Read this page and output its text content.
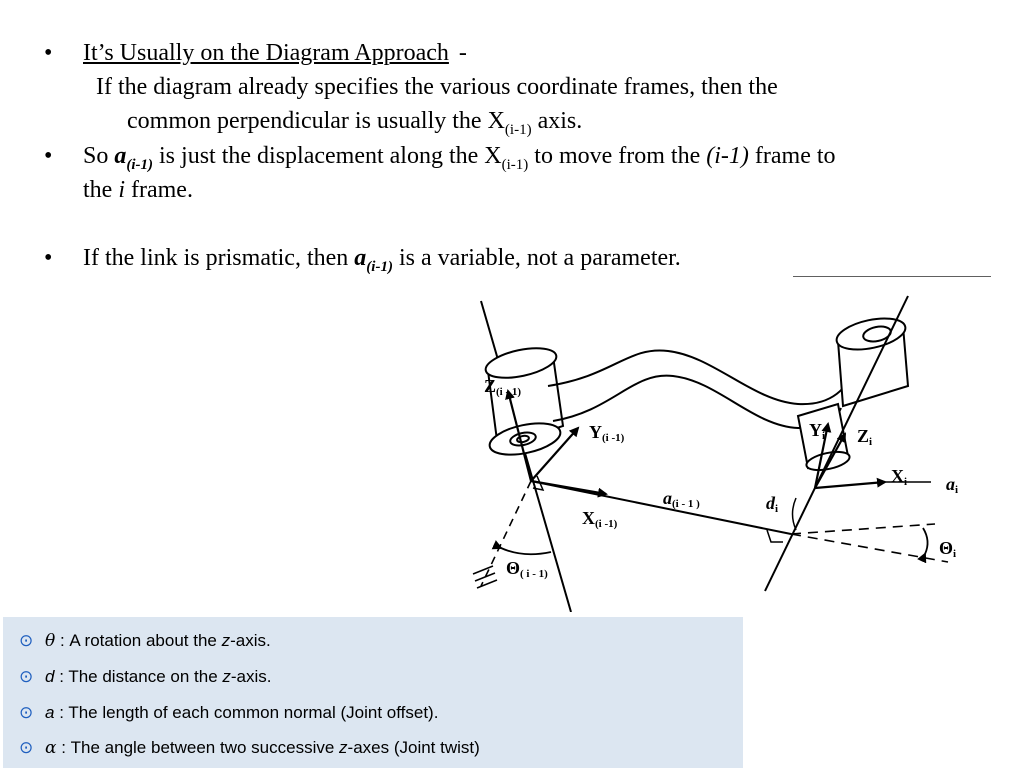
• It’s Usually on the Diagram Approach -
If the diagram already specifies the various coordinate frames, then the
common perpendicular is usually the $X_{(i-1)}$ axis.
• So $a_{(i-1)}$ is just the displacement along the $X_{(i-1)}$ to move from the (i-1) frame to
the i frame.
• If the link is prismatic, then $a_{(i-1)}$ is a variable, not a parameter.
Z(i - 1)
Y(i -1)
X(i -1)
Θ( i - 1)
a(i - 1 )	di
Yi Zi
Xi ai
Θi
⊙ θ : A rotation about the z-axis.
⊙ d : The distance on the z-axis.
⊙ a : The length of each common normal (Joint offset).
⊙ α : The angle between two successive z-axes (Joint twist)
